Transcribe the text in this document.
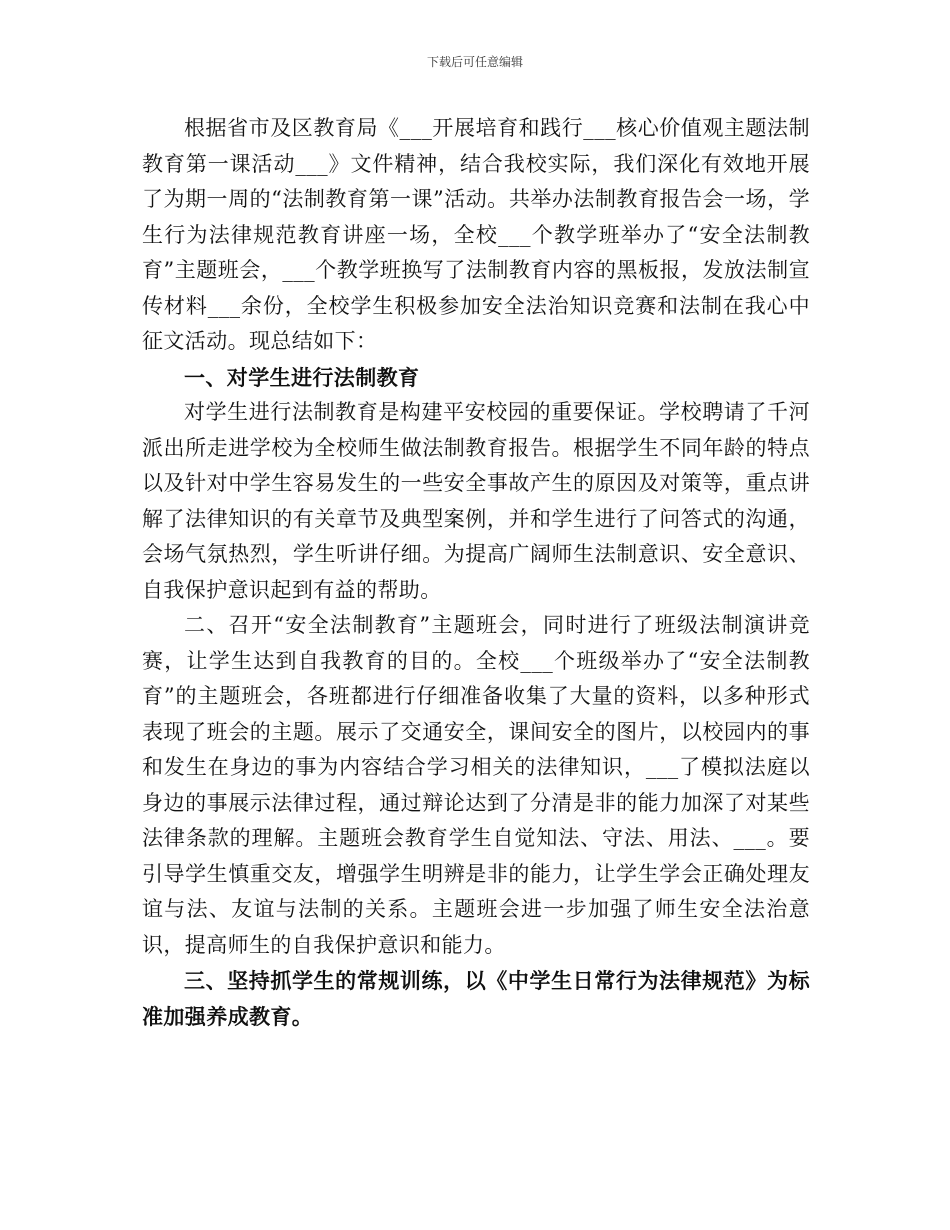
下载后可任意编辑

根据省市及区教育局《___开展培育和践行___核心价值观主题法制教育第一课活动___》文件精神，结合我校实际，我们深化有效地开展了为期一周的“法制教育第一课”活动。共举办法制教育报告会一场，学生行为法律规范教育讲座一场，全校___个教学班举办了“安全法制教育”主题班会，___个教学班换写了法制教育内容的黑板报，发放法制宣传材料___余份，全校学生积极参加安全法治知识竞赛和法制在我心中征文活动。现总结如下：

一、对学生进行法制教育

对学生进行法制教育是构建平安校园的重要保证。学校聘请了千河派出所走进学校为全校师生做法制教育报告。根据学生不同年龄的特点以及针对中学生容易发生的一些安全事故产生的原因及对策等，重点讲解了法律知识的有关章节及典型案例，并和学生进行了问答式的沟通，会场气氛热烈，学生听讲仔细。为提高广阔师生法制意识、安全意识、自我保护意识起到有益的帮助。

二、召开“安全法制教育”主题班会，同时进行了班级法制演讲竞赛，让学生达到自我教育的目的。全校___个班级举办了“安全法制教育”的主题班会，各班都进行仔细准备收集了大量的资料，以多种形式表现了班会的主题。展示了交通安全，课间安全的图片，以校园内的事和发生在身边的事为内容结合学习相关的法律知识，___了模拟法庭以身边的事展示法律过程，通过辩论达到了分清是非的能力加深了对某些法律条款的理解。主题班会教育学生自觉知法、守法、用法、___。要引导学生慎重交友，增强学生明辨是非的能力，让学生学会正确处理友谊与法、友谊与法制的关系。主题班会进一步加强了师生安全法治意识，提高师生的自我保护意识和能力。

三、坚持抓学生的常规训练，以《中学生日常行为法律规范》为标准加强养成教育。
